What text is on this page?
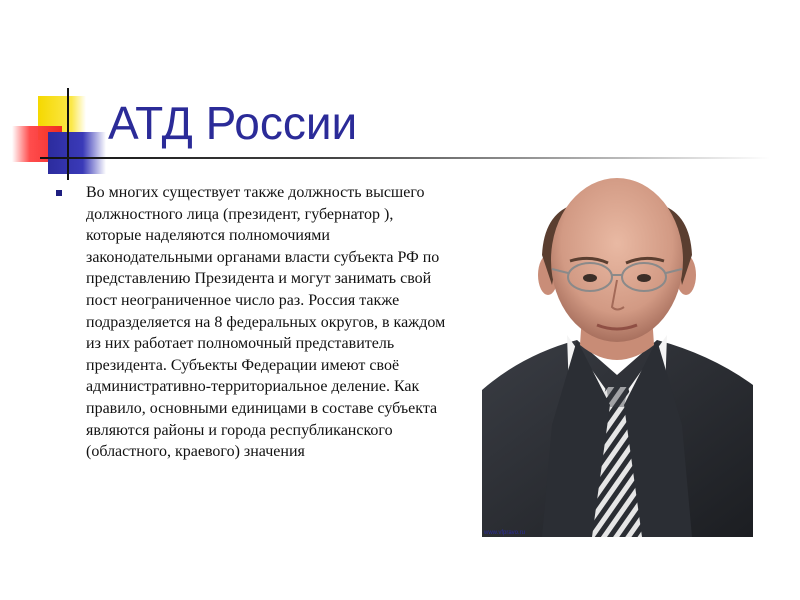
АТД России

Во многих существует также должность высшего должностного лица (президент, губернатор ), которые наделяются полномочиями законодательными органами власти субъекта РФ по представлению Президента и могут занимать свой пост неограниченное число раз. Россия также подразделяется на 8 федеральных округов, в каждом из них работает полномочный представитель президента. Субъекты Федерации имеют своё административно-территориальное деление. Как правило, основными единицами в составе субъекта являются районы и города республиканского (областного, краевого) значения

www.vfpravo.ru
